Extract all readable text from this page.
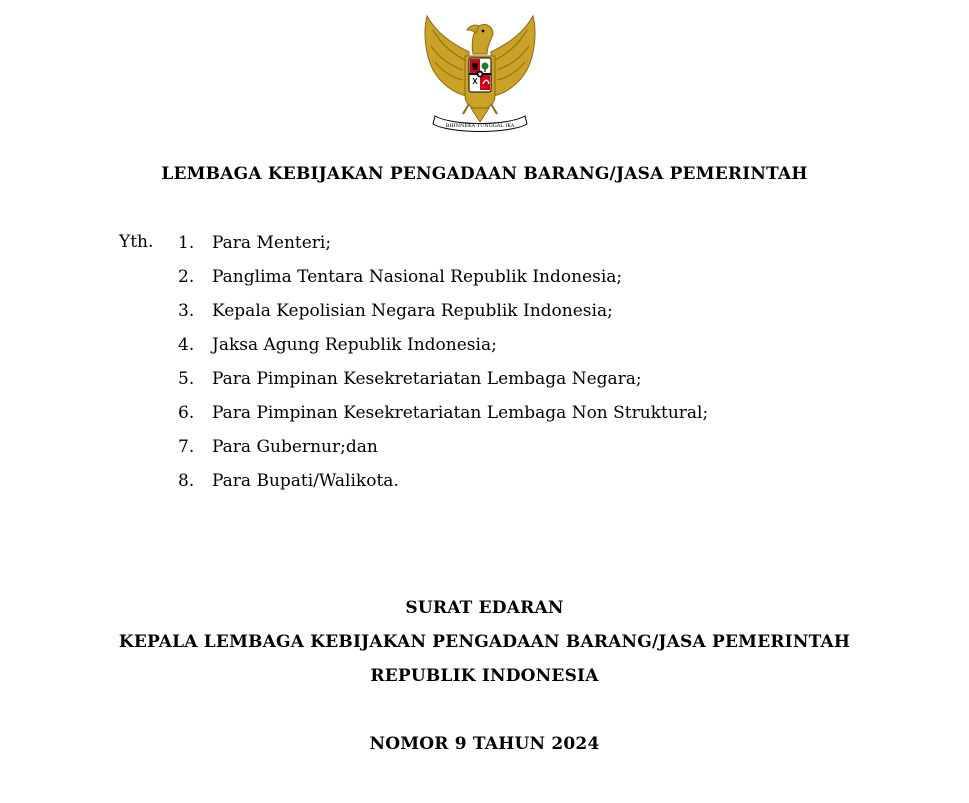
BHINNEKA TUNGGAL IKA
LEMBAGA KEBIJAKAN PENGADAAN BARANG/JASA PEMERINTAH
Yth. 1.	Para Menteri;
2.	Panglima Tentara Nasional Republik Indonesia;
3.	Kepala Kepolisian Negara Republik Indonesia;
4.	Jaksa Agung Republik Indonesia;
5.	Para Pimpinan Kesekretariatan Lembaga Negara;
6.	Para Pimpinan Kesekretariatan Lembaga Non Struktural;
7.	Para Gubernur;dan
8.	Para Bupati/Walikota.
SURAT EDARAN
KEPALA LEMBAGA KEBIJAKAN PENGADAAN BARANG/JASA PEMERINTAH
REPUBLIK INDONESIA
NOMOR 9 TAHUN 2024
